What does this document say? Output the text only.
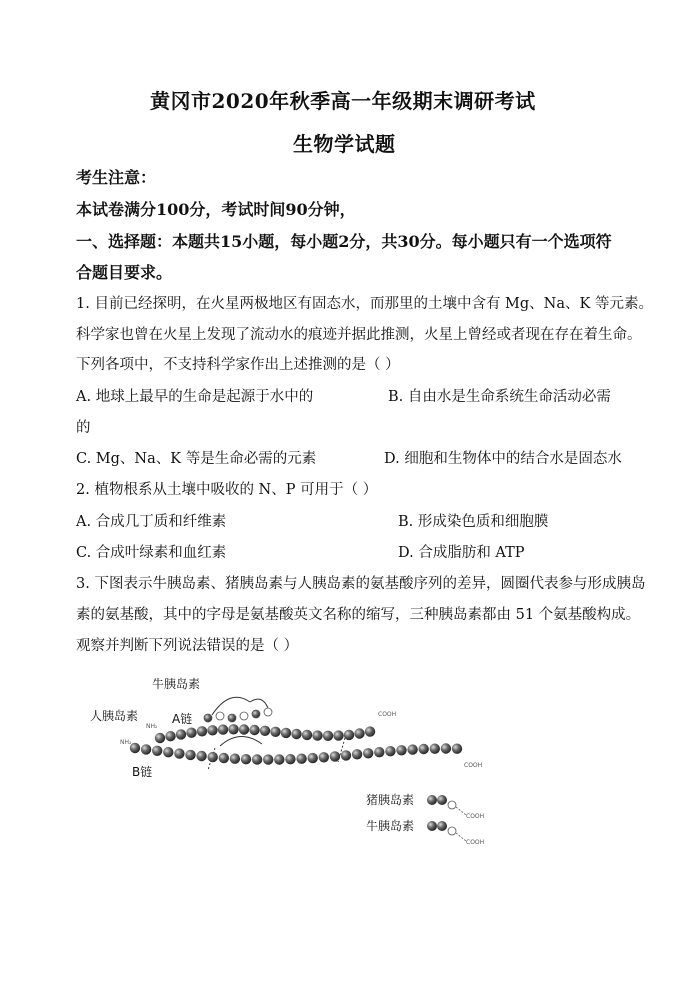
黄冈市2020年秋季高一年级期末调研考试
生物学试题
考生注意：
本试卷满分100分，考试时间90分钟，
一、选择题：本题共15小题，每小题2分，共30分。每小题只有一个选项符
合题目要求。
1. 目前已经探明，在火星两极地区有固态水，而那里的土壤中含有 Mg、Na、K 等元素。
科学家也曾在火星上发现了流动水的痕迹并据此推测，火星上曾经或者现在存在着生命。
下列各项中，不支持科学家作出上述推测的是（ ）
A. 地球上最早的生命是起源于水中的	B. 自由水是生命系统生命活动必需
的
C. Mg、Na、K 等是生命必需的元素	D. 细胞和生物体中的结合水是固态水
2. 植物根系从土壤中吸收的 N、P 可用于（ ）
A. 合成几丁质和纤维素	B. 形成染色质和细胞膜
C. 合成叶绿素和血红素	D. 合成脂肪和 ATP
3. 下图表示牛胰岛素、猪胰岛素与人胰岛素的氨基酸序列的差异，圆圈代表参与形成胰岛
素的氨基酸，其中的字母是氨基酸英文名称的缩写，三种胰岛素都由 51 个氨基酸构成。
观察并判断下列说法错误的是（ ）
牛胰岛素
人胰岛素	A链
NH₂
NH₂
B链
COOH
COOH
猪胰岛素
牛胰岛素
COOH
COOH
